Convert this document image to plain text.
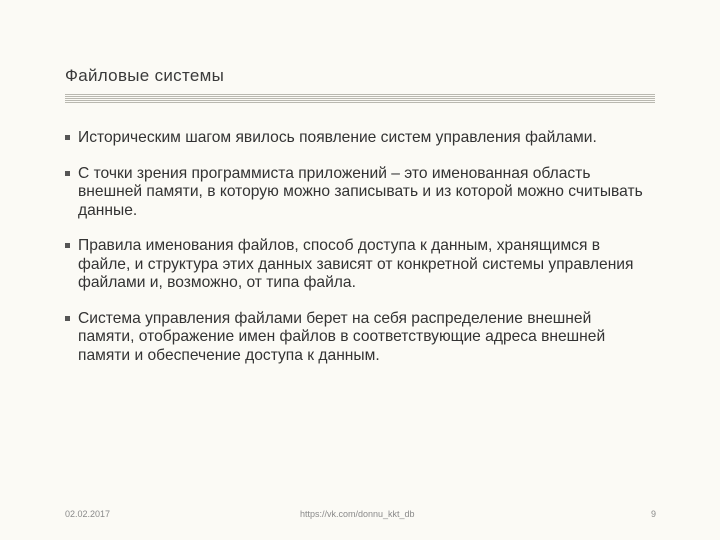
Файловые системы
Историческим шагом явилось появление систем управления файлами.
С точки зрения программиста приложений – это именованная область внешней памяти, в которую можно записывать и из которой можно считывать данные.
Правила именования файлов, способ доступа к данным, хранящимся в файле, и структура этих данных зависят от конкретной системы управления файлами и, возможно, от типа файла.
Система управления файлами берет на себя распределение внешней памяти, отображение имен файлов в соответствующие адреса внешней памяти и обеспечение доступа к данным.
02.02.2017	https://vk.com/donnu_kkt_db	9
